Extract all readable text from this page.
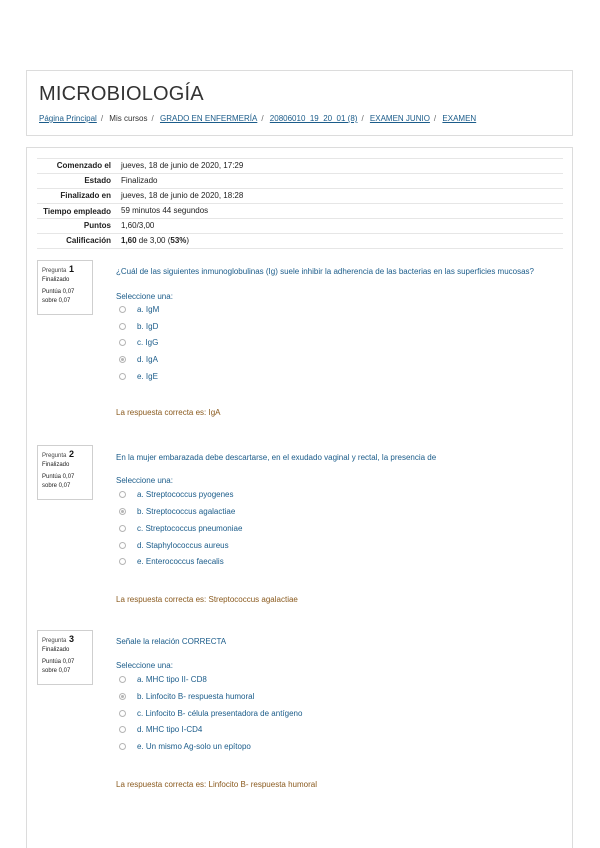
MICROBIOLOGÍA
Página Principal / Mis cursos / GRADO EN ENFERMERÍA / 20806010_19_20_01 (8) / EXAMEN JUNIO / EXAMEN
Comenzado el	jueves, 18 de junio de 2020, 17:29
Estado	Finalizado
Finalizado en	jueves, 18 de junio de 2020, 18:28
Tiempo empleado	59 minutos 44 segundos
Puntos	1,60/3,00
Calificación	1,60 de 3,00 (53%)
Pregunta 1
Finalizado
Puntúa 0,07
sobre 0,07
¿Cuál de las siguientes inmunoglobulinas (Ig) suele inhibir la adherencia de las bacterias en las superficies mucosas?
Seleccione una:
a. IgM
b. IgD
c. IgG
d. IgA
e. IgE
La respuesta correcta es: IgA
Pregunta 2
Finalizado
Puntúa 0,07
sobre 0,07
En la mujer embarazada debe descartarse, en el exudado vaginal y rectal, la presencia de
Seleccione una:
a. Streptococcus pyogenes
b. Streptococcus agalactiae
c. Streptococcus pneumoniae
d. Staphylococcus aureus
e. Enterococcus faecalis
La respuesta correcta es: Streptococcus agalactiae
Pregunta 3
Finalizado
Puntúa 0,07
sobre 0,07
Señale la relación CORRECTA
Seleccione una:
a. MHC tipo II- CD8
b. Linfocito B- respuesta humoral
c. Linfocito B- célula presentadora de antígeno
d. MHC tipo I-CD4
e. Un mismo Ag-solo un epítopo
La respuesta correcta es: Linfocito B- respuesta humoral
